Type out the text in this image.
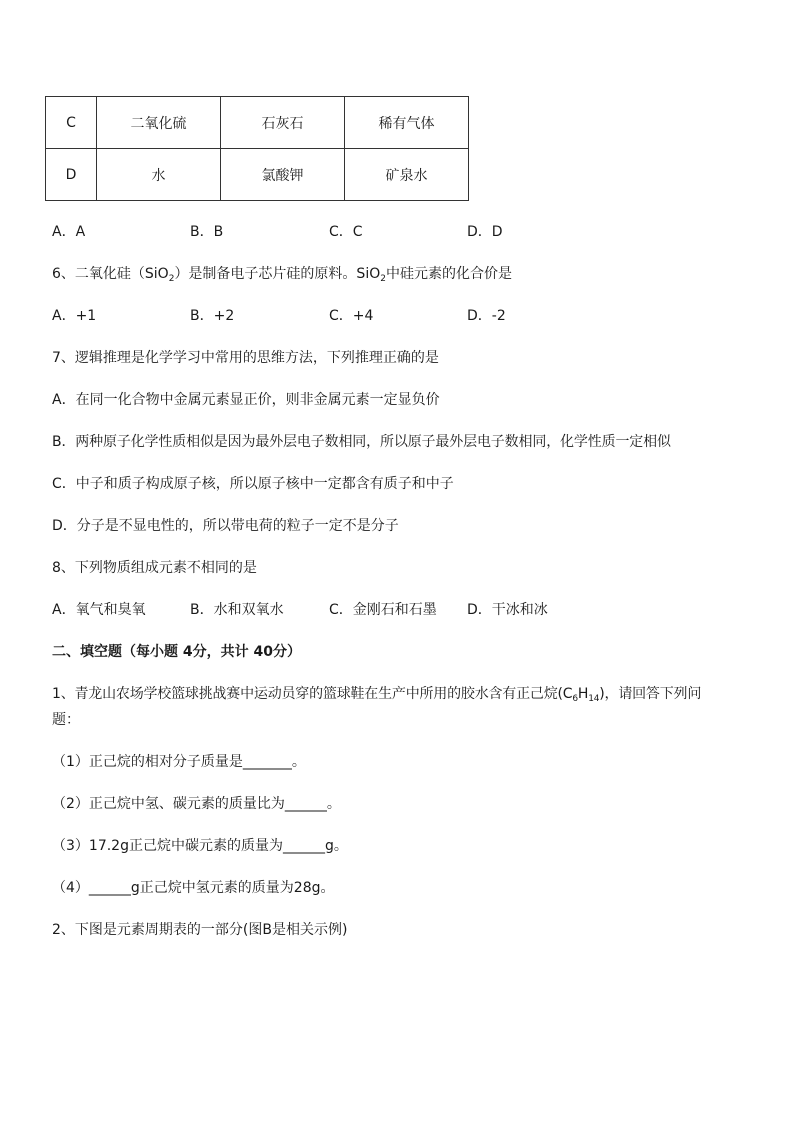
C	二氧化硫	石灰石	稀有气体
D	水	氯酸钾	矿泉水
A．A	B．B	C．C	D．D
6、二氧化硅（SiO$_2$）是制备电子芯片硅的原料。SiO$_2$中硅元素的化合价是
A．+1	B．+2	C．+4	D．-2
7、逻辑推理是化学学习中常用的思维方法，下列推理正确的是
A．在同一化合物中金属元素显正价，则非金属元素一定显负价
B．两种原子化学性质相似是因为最外层电子数相同，所以原子最外层电子数相同，化学性质一定相似
C．中子和质子构成原子核，所以原子核中一定都含有质子和中子
D．分子是不显电性的，所以带电荷的粒子一定不是分子
8、下列物质组成元素不相同的是
A．氧气和臭氧	B．水和双氧水	C．金刚石和石墨 D．干冰和冰
二、填空题（每小题 4分，共计 40分）
1、青龙山农场学校篮球挑战赛中运动员穿的篮球鞋在生产中所用的胶水含有正己烷$(C_6H_{14})$，请回答下列问
题：
（1）正己烷的相对分子质量是_______。
（2）正己烷中氢、碳元素的质量比为______。
（3）17.2g正己烷中碳元素的质量为______g。
（4）______g正己烷中氢元素的质量为28g。
2、下图是元素周期表的一部分(图B是相关示例)
